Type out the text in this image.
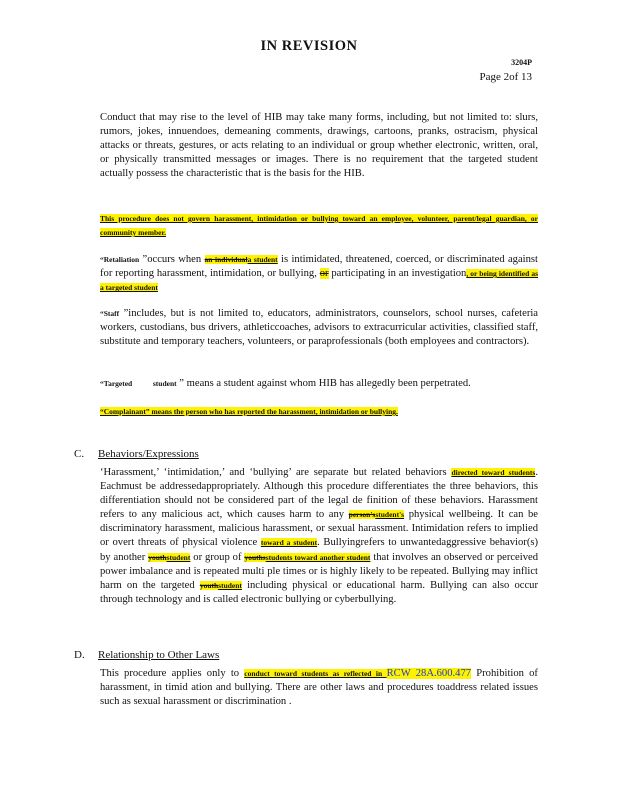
IN REVISION
3204P
Page 2of 13
Conduct that may rise to the level of HIB may take many forms, including, but not limited to: slurs, rumors, jokes, innuendoes, demeaning comments, drawings, cartoons, pranks, ostracism, physical attacks or threats, gestures, or acts relating to an individual or group whether electronic, written, oral, or physically transmitted messages or images. There is no requirement that the targeted student actually possess the characteristic that is the basis for the HIB.
This procedure does not govern harassment, intimidation or bullying toward an employee, volunteer, parent/legal guardian, or community member.
“Retaliation ”occurs when an individuala student is intimidated, threatened, coerced, or discriminated against for reporting harassment, intimidation, or bullying, or participating in an investigation, or being identified as a targeted student
“Staff ”includes, but is not limited to, educators, administrators, counselors, school nurses, cafeteria workers, custodians, bus drivers, athleticcoaches, advisors to extracurricular activities, classified staff, substitute and temporary teachers, volunteers, or paraprofessionals (both employees and contractors).
“Targeted	student ” means a student against whom HIB has allegedly been perpetrated.
“Complainant” means the person who has reported the harassment, intimidation or bullying.
C. Behaviors/Expressions
‘Harassment,’ ‘intimidation,’ and ‘bullying’ are separate but related behaviors directed toward students. Eachmust be addressedappropriately. Although this procedure differentiates the three behaviors, this differentiation should not be considered part of the legal de finition of these behaviors. Harassment refers to any malicious act, which causes harm to any person'sstudent's physical wellbeing. It can be discriminatory harassment, malicious harassment, or sexual harassment. Intimidation refers to implied or overt threats of physical violence toward a student. Bullyingrefers to unwantedaggressive behavior(s) by another youthstudent or group of youthsstudents toward another student that involves an observed or perceived power imbalance and is repeated multi ple times or is highly likely to be repeated. Bullying may inflict harm on the targeted youthstudent including physical or educational harm. Bullying can also occur through technology and is called electronic bullying or cyberbullying.
D. Relationship to Other Laws
This procedure applies only to conduct toward students as reflected in RCW 28A.600.477 Prohibition of harassment, in timid ation and bullying. There are other laws and procedures toaddress related issues such as sexual harassment or discrimination .
